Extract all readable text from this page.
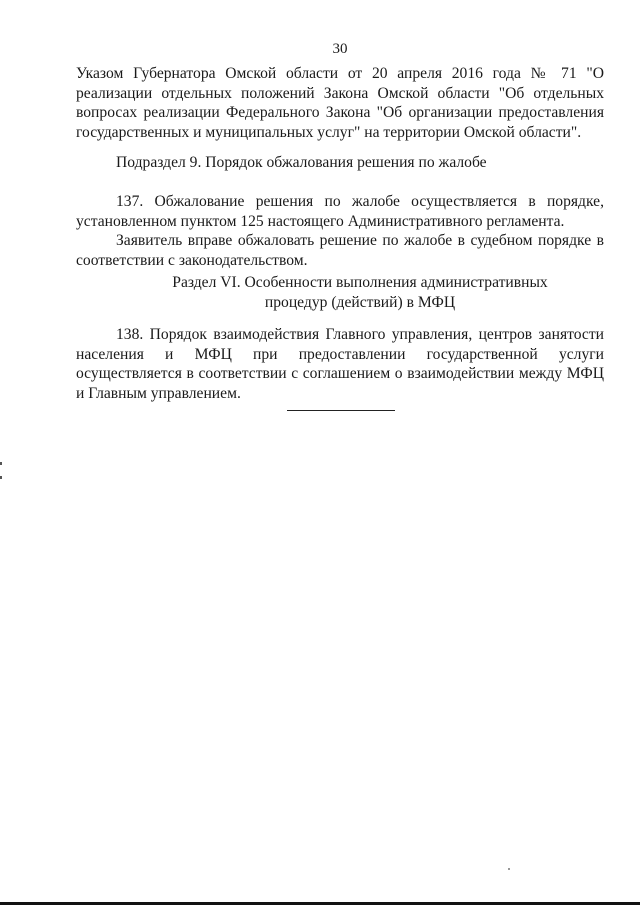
30

Указом Губернатора Омской области от 20 апреля 2016 года № 71 "О реализации отдельных положений Закона Омской области "Об отдельных вопросах реализации Федерального Закона "Об организации предоставления государственных и муниципальных услуг" на территории Омской области".

Подраздел 9. Порядок обжалования решения по жалобе

137. Обжалование решения по жалобе осуществляется в порядке, установленном пунктом 125 настоящего Административного регламента.

Заявитель вправе обжаловать решение по жалобе в судебном порядке в соответствии с законодательством.

Раздел VI. Особенности выполнения административных
процедур (действий) в МФЦ

138. Порядок взаимодействия Главного управления, центров занятости населения и МФЦ при предоставлении государственной услуги осуществляется в соответствии с соглашением о взаимодействии между МФЦ и Главным управлением.
